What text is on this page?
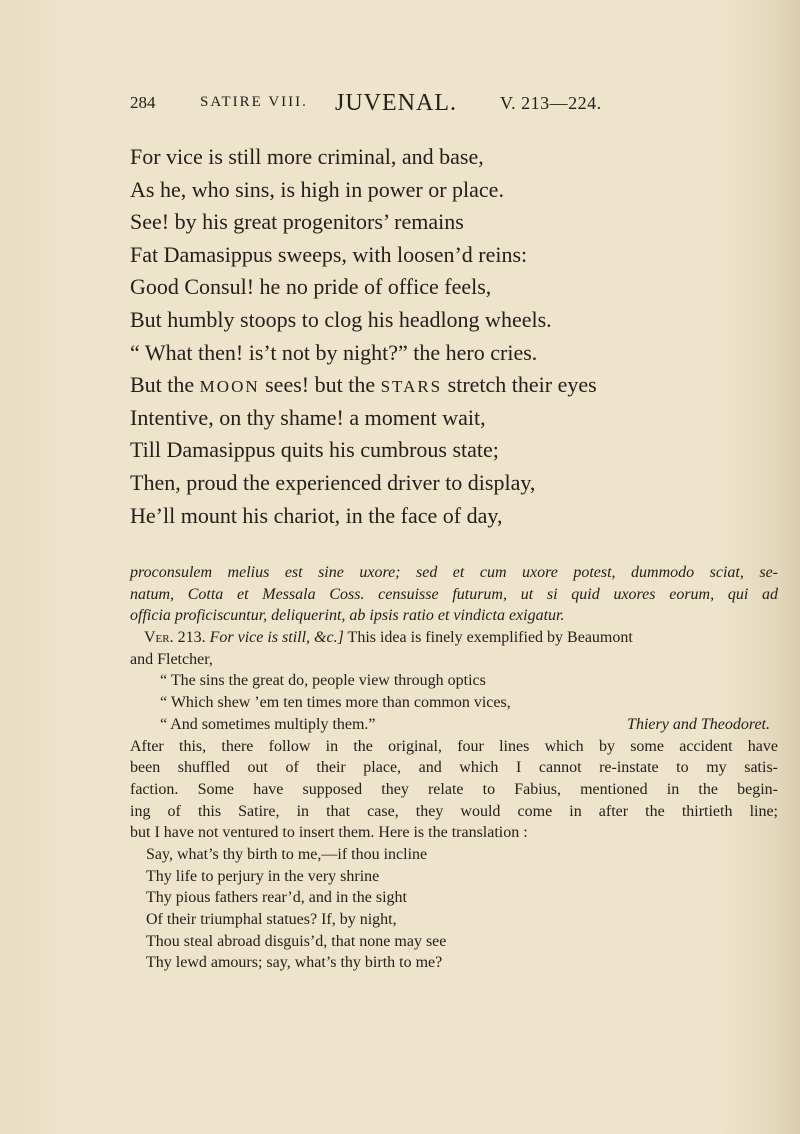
284	SATIRE VIII. JUVENAL. V. 213—224.
For vice is still more criminal, and base,
As he, who sins, is high in power or place.
See! by his great progenitors’ remains
Fat Damasippus sweeps, with loosen’d reins:
Good Consul! he no pride of office feels,
But humbly stoops to clog his headlong wheels.
“ What then! is’t not by night?” the hero cries.
But the MOON sees! but the STARS stretch their eyes
Intentive, on thy shame! a moment wait,
Till Damasippus quits his cumbrous state;
Then, proud the experienced driver to display,
He’ll mount his chariot, in the face of day,
proconsulem melius est sine uxore; sed et cum uxore potest, dummodo sciat, se-
natum, Cotta et Messala Coss. censuisse futurum, ut si quid uxores eorum, qui ad
officia proficiscuntur, deliquerint, ab ipsis ratio et vindicta exigatur.
Ver. 213. For vice is still, &c.] This idea is finely exemplified by Beaumont
and Fletcher,
“ The sins the great do, people view through optics
“ Which shew ’em ten times more than common vices,
“ And sometimes multiply them.”	Thiery and Theodoret.
After this, there follow in the original, four lines which by some accident have
been shuffled out of their place, and which I cannot re-instate to my satis-
faction. Some have supposed they relate to Fabius, mentioned in the begin-
ing of this Satire, in that case, they would come in after the thirtieth line;
but I have not ventured to insert them. Here is the translation :
Say, what’s thy birth to me,—if thou incline
Thy life to perjury in the very shrine
Thy pious fathers rear’d, and in the sight
Of their triumphal statues? If, by night,
Thou steal abroad disguis’d, that none may see
Thy lewd amours; say, what’s thy birth to me?
